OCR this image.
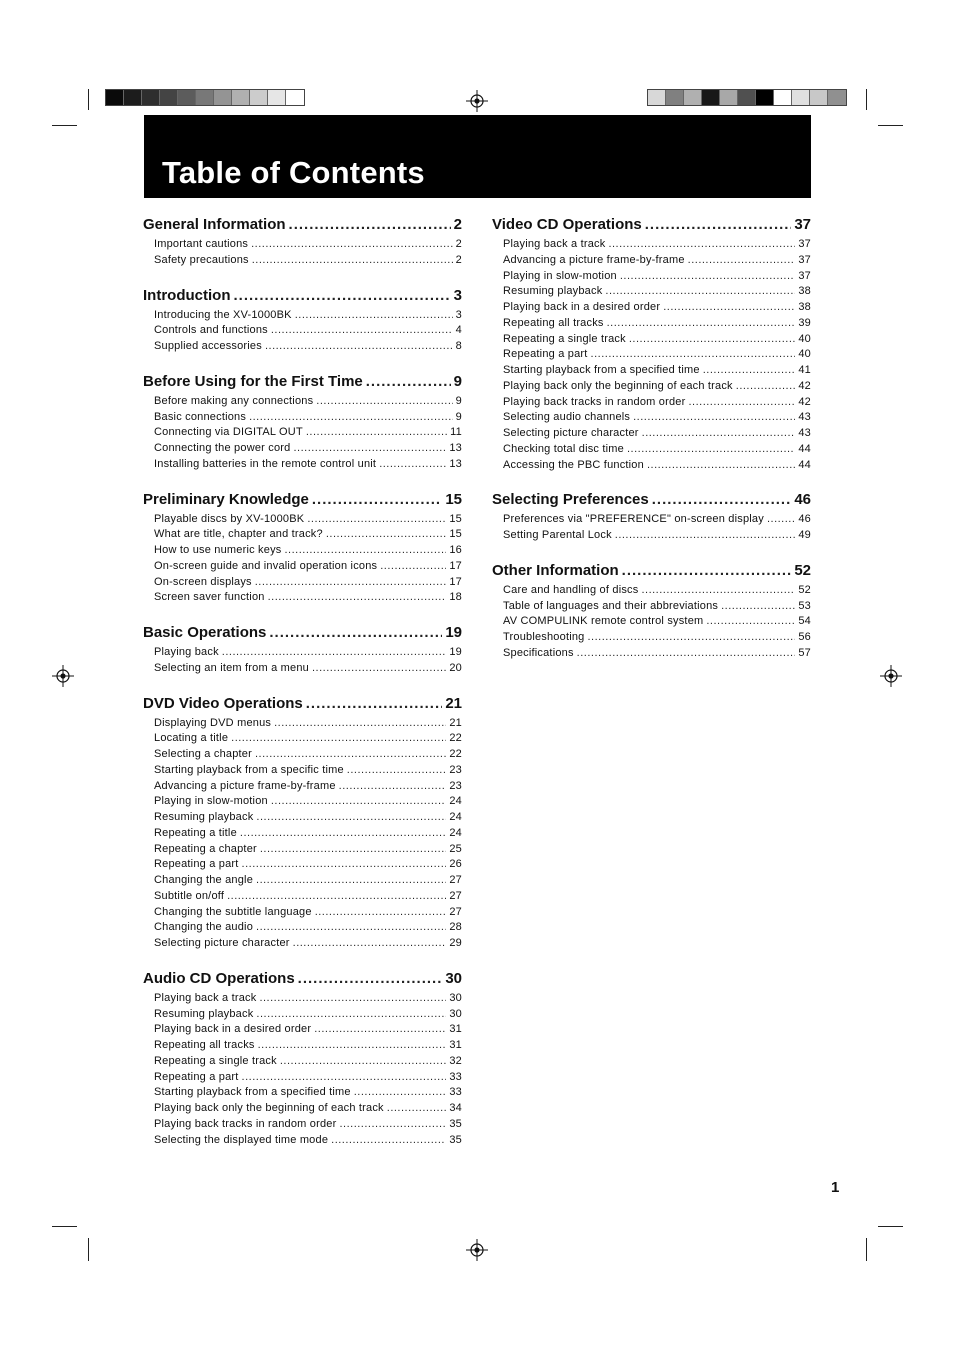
Table of Contents
General Information .....	2
Important cautions .....	2
Safety precautions .....	2
Introduction .....	3
Introducing the XV-1000BK .....	3
Controls and functions .....	4
Supplied accessories .....	8
Before Using for the First Time .....	9
Before making any connections .....	9
Basic connections .....	9
Connecting via DIGITAL OUT .....	11
Connecting the power cord .....	13
Installing batteries in the remote control unit .....	13
Preliminary Knowledge .....	15
Playable discs by XV-1000BK .....	15
What are title, chapter and track? .....	15
How to use numeric keys .....	16
On-screen guide and invalid operation icons .....	17
On-screen displays .....	17
Screen saver function .....	18
Basic Operations .....	19
Playing back .....	19
Selecting an item from a menu .....	20
DVD Video Operations .....	21
Displaying DVD menus .....	21
Locating a title .....	22
Selecting a chapter .....	22
Starting playback from a specific time .....	23
Advancing a picture frame-by-frame .....	23
Playing in slow-motion .....	24
Resuming playback .....	24
Repeating a title .....	24
Repeating a chapter .....	25
Repeating a part .....	26
Changing the angle .....	27
Subtitle on/off .....	27
Changing the subtitle language .....	27
Changing the audio .....	28
Selecting picture character .....	29
Audio CD Operations .....	30
Playing back a track .....	30
Resuming playback .....	30
Playing back in a desired order .....	31
Repeating all tracks .....	31
Repeating a single track .....	32
Repeating a part .....	33
Starting playback from a specified time .....	33
Playing back only the beginning of each track .....	34
Playing back tracks in random order .....	35
Selecting the displayed time mode .....	35
Video CD Operations .....	37
Playing back a track .....	37
Advancing a picture frame-by-frame .....	37
Playing in slow-motion .....	37
Resuming playback .....	38
Playing back in a desired order .....	38
Repeating all tracks .....	39
Repeating a single track .....	40
Repeating a part .....	40
Starting playback from a specified time .....	41
Playing back only the beginning of each track .....	42
Playing back tracks in random order .....	42
Selecting audio channels .....	43
Selecting picture character .....	43
Checking total disc time .....	44
Accessing the PBC function .....	44
Selecting Preferences .....	46
Preferences via "PREFERENCE" on-screen display .....	46
Setting Parental Lock .....	49
Other Information .....	52
Care and handling of discs .....	52
Table of languages and their abbreviations .....	53
AV COMPULINK remote control system .....	54
Troubleshooting .....	56
Specifications .....	57
1
